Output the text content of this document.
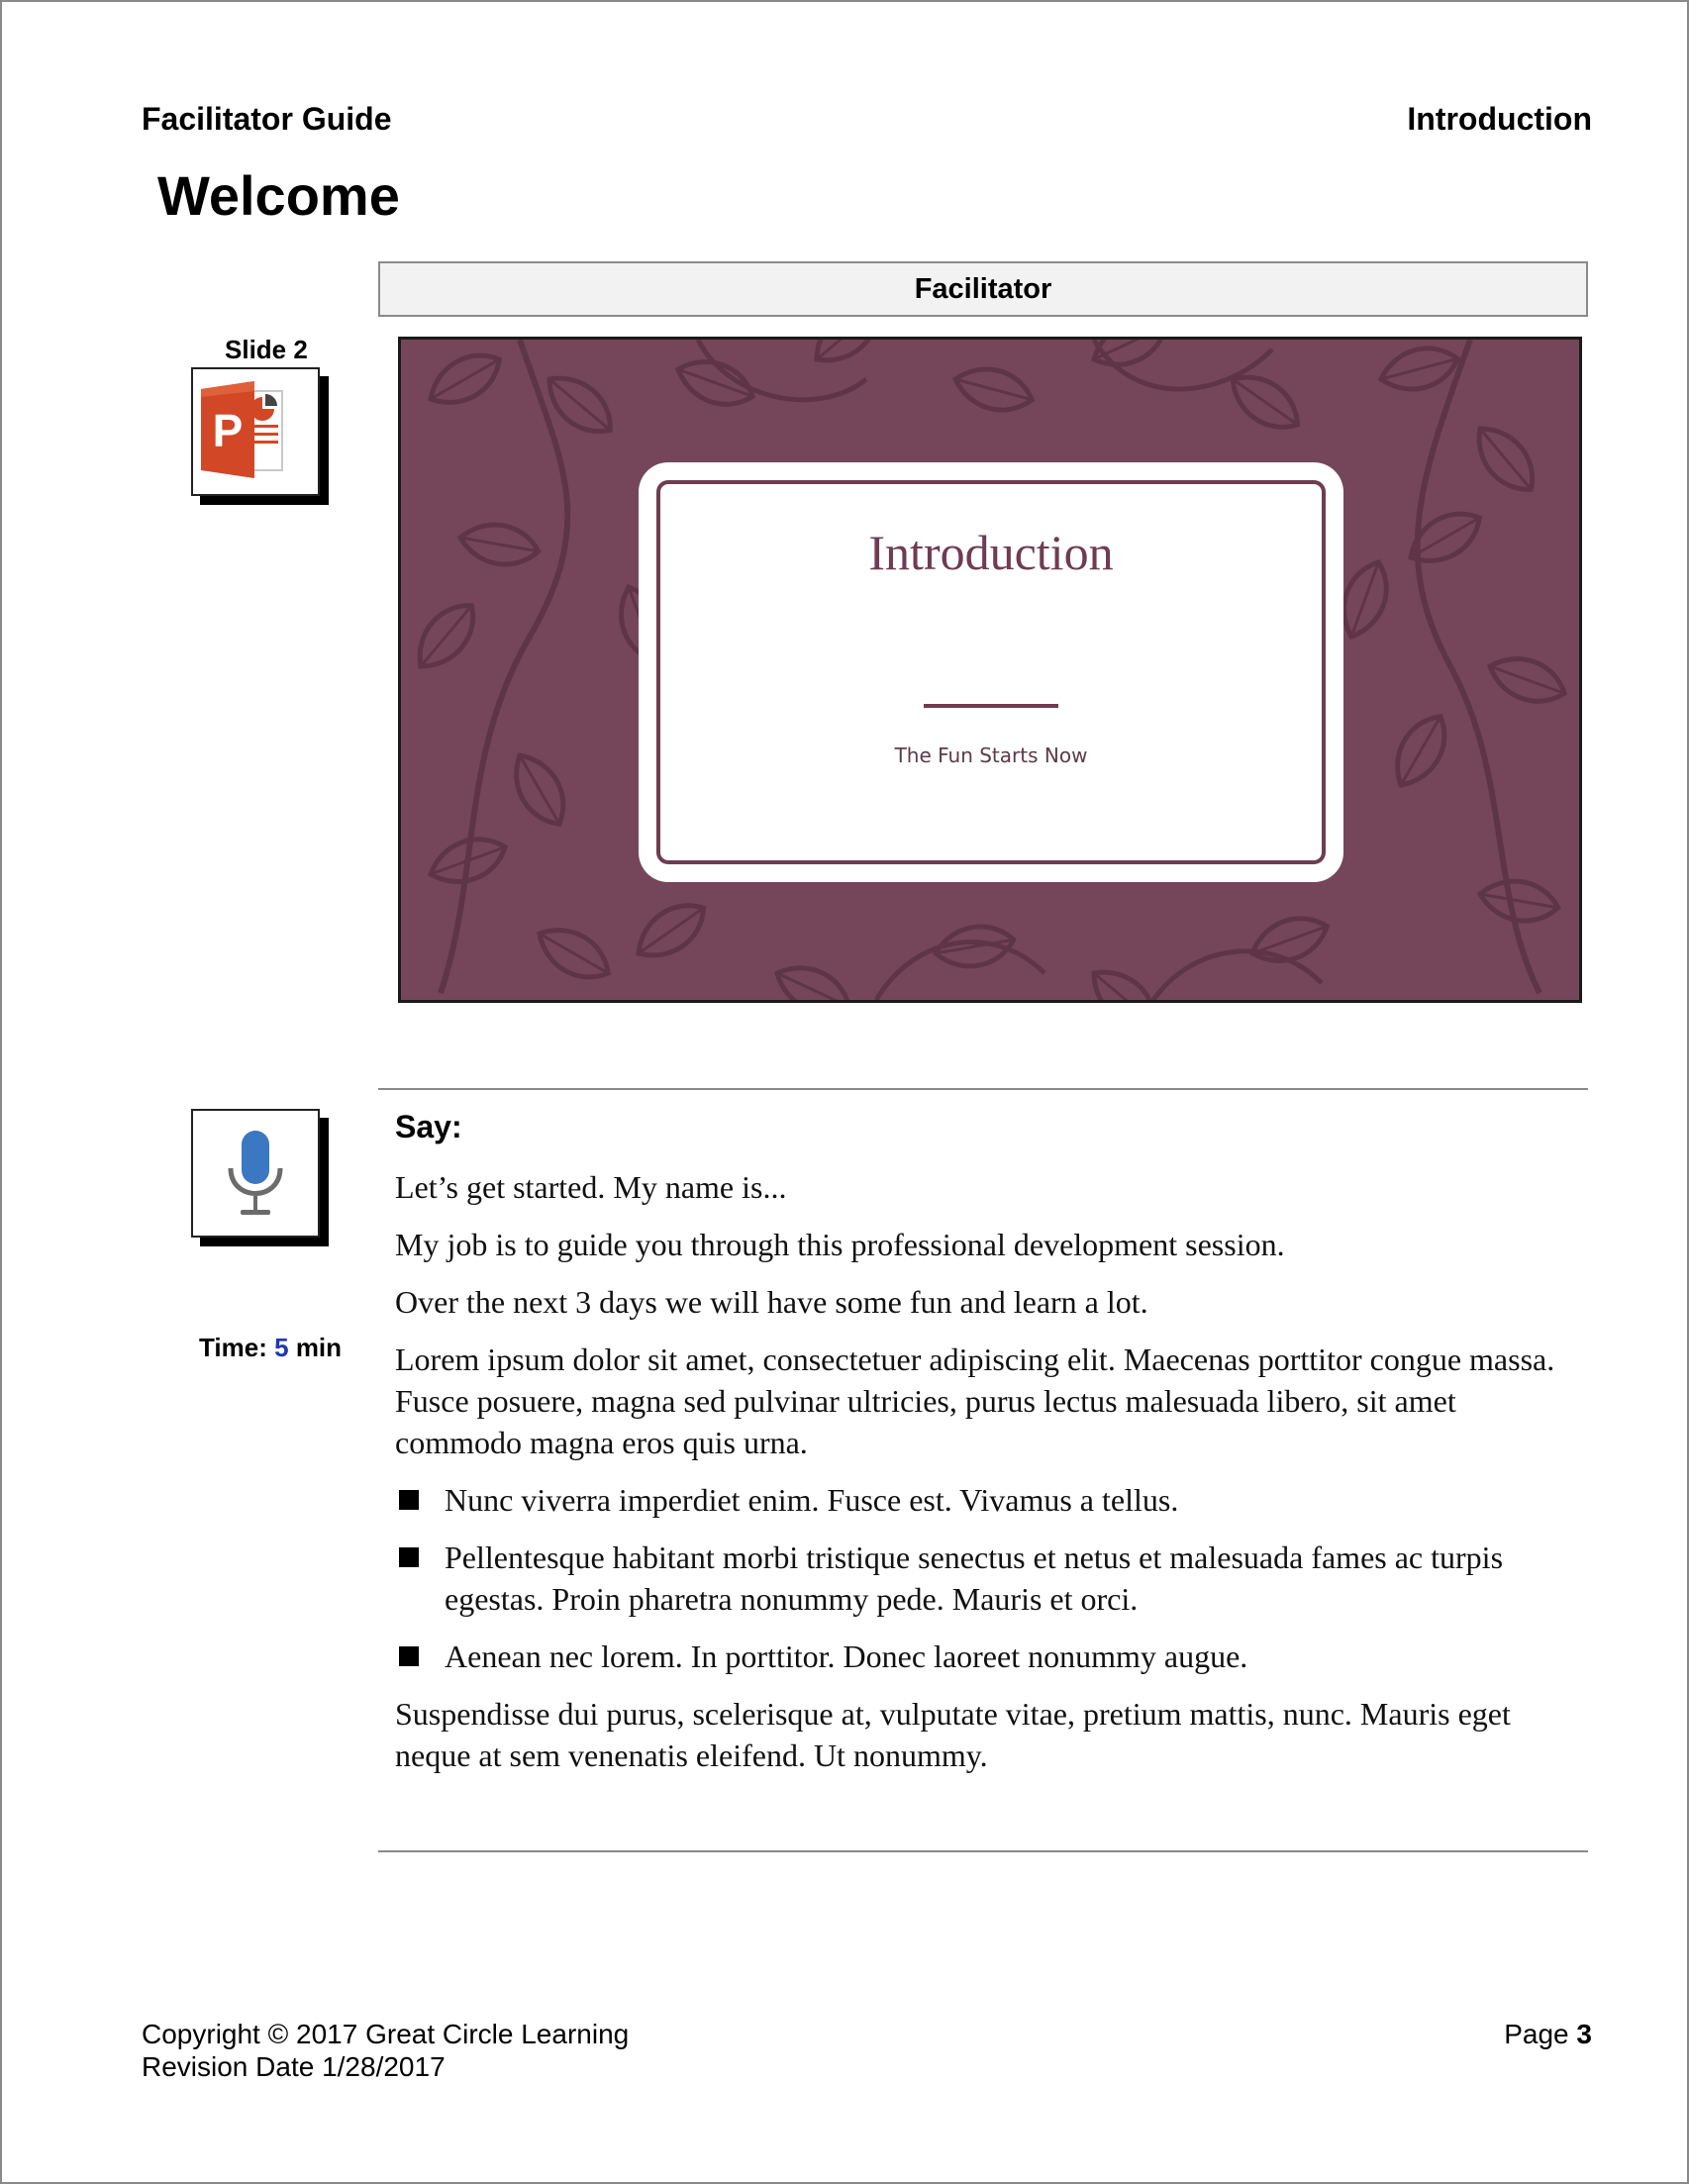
Facilitator Guide	Introduction
Welcome
Facilitator
Slide 2
P
Introduction
The Fun Starts Now
Time: 5 min
Say:

Let’s get started. My name is...

My job is to guide you through this professional development session.

Over the next 3 days we will have some fun and learn a lot.

Lorem ipsum dolor sit amet, consectetuer adipiscing elit. Maecenas porttitor congue massa. Fusce posuere, magna sed pulvinar ultricies, purus lectus malesuada libero, sit amet commodo magna eros quis urna.

Nunc viverra imperdiet enim. Fusce est. Vivamus a tellus.
Pellentesque habitant morbi tristique senectus et netus et malesuada fames ac turpis egestas. Proin pharetra nonummy pede. Mauris et orci.
Aenean nec lorem. In porttitor. Donec laoreet nonummy augue.

Suspendisse dui purus, scelerisque at, vulputate vitae, pretium mattis, nunc. Mauris eget neque at sem venenatis eleifend. Ut nonummy.

Copyright © 2017 Great Circle Learning
Revision Date 1/28/2017
Page 3
